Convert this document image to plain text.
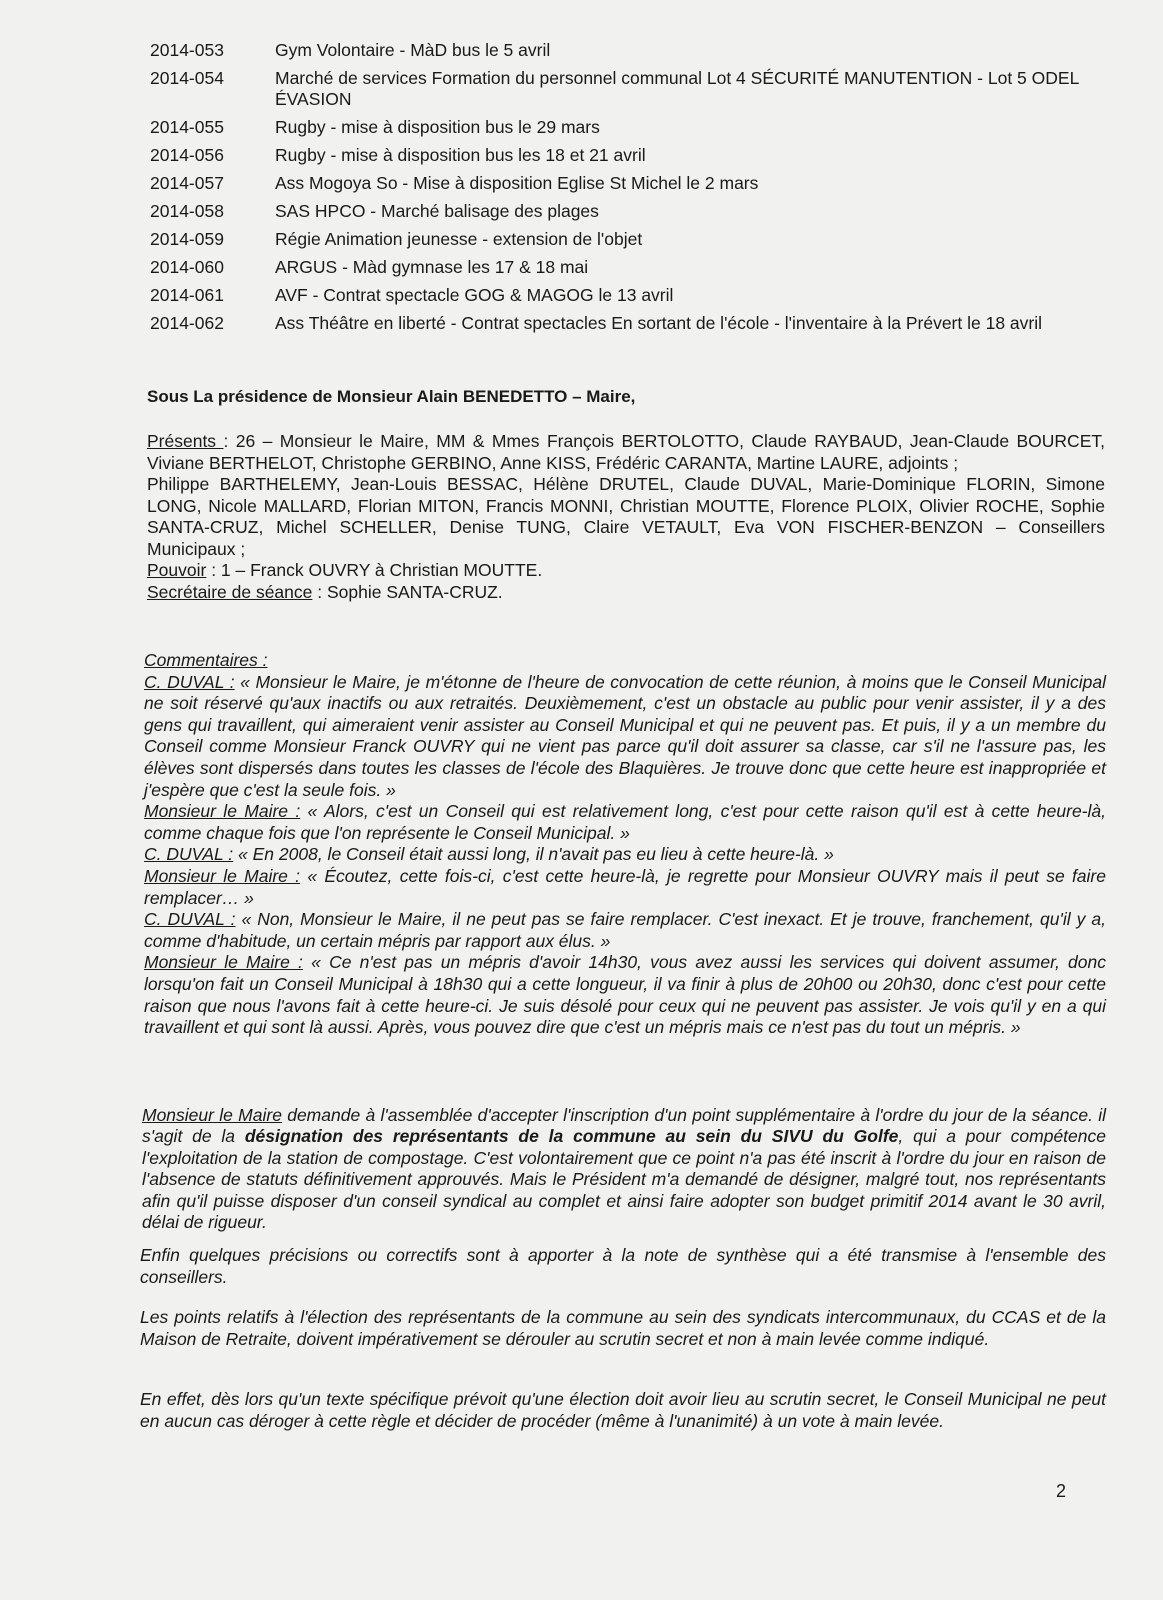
2014-053	Gym Volontaire - MàD bus le 5 avril
2014-054	Marché de services Formation du personnel communal Lot 4 SÉCURITÉ MANUTENTION - Lot 5 ODEL ÉVASION
2014-055	Rugby - mise à disposition bus le 29 mars
2014-056	Rugby - mise à disposition bus les 18 et 21 avril
2014-057	Ass Mogoya So - Mise à disposition Eglise St Michel le 2 mars
2014-058	SAS HPCO - Marché balisage des plages
2014-059	Régie Animation jeunesse - extension de l'objet
2014-060	ARGUS - Màd gymnase les 17 & 18 mai
2014-061	AVF - Contrat spectacle GOG & MAGOG le 13 avril
2014-062	Ass Théâtre en liberté - Contrat spectacles En sortant de l'école - l'inventaire à la Prévert le 18 avril
Sous La présidence de Monsieur Alain BENEDETTO – Maire,

Présents : 26 – Monsieur le Maire, MM & Mmes François BERTOLOTTO, Claude RAYBAUD, Jean-Claude BOURCET, Viviane BERTHELOT, Christophe GERBINO, Anne KISS, Frédéric CARANTA, Martine LAURE, adjoints ;

Philippe BARTHELEMY, Jean-Louis BESSAC, Hélène DRUTEL, Claude DUVAL, Marie-Dominique FLORIN, Simone LONG, Nicole MALLARD, Florian MITON, Francis MONNI, Christian MOUTTE, Florence PLOIX, Olivier ROCHE, Sophie SANTA-CRUZ, Michel SCHELLER, Denise TUNG, Claire VETAULT, Eva VON FISCHER-BENZON – Conseillers Municipaux ;

Pouvoir : 1 – Franck OUVRY à Christian MOUTTE.

Secrétaire de séance : Sophie SANTA-CRUZ.

Commentaires :

C. DUVAL : « Monsieur le Maire, je m'étonne de l'heure de convocation de cette réunion, à moins que le Conseil Municipal ne soit réservé qu'aux inactifs ou aux retraités. Deuxièmement, c'est un obstacle au public pour venir assister, il y a des gens qui travaillent, qui aimeraient venir assister au Conseil Municipal et qui ne peuvent pas. Et puis, il y a un membre du Conseil comme Monsieur Franck OUVRY qui ne vient pas parce qu'il doit assurer sa classe, car s'il ne l'assure pas, les élèves sont dispersés dans toutes les classes de l'école des Blaquières. Je trouve donc que cette heure est inappropriée et j'espère que c'est la seule fois. »

Monsieur le Maire : « Alors, c'est un Conseil qui est relativement long, c'est pour cette raison qu'il est à cette heure-là, comme chaque fois que l'on représente le Conseil Municipal. »

C. DUVAL : « En 2008, le Conseil était aussi long, il n'avait pas eu lieu à cette heure-là. »

Monsieur le Maire : « Écoutez, cette fois-ci, c'est cette heure-là, je regrette pour Monsieur OUVRY mais il peut se faire remplacer… »

C. DUVAL : « Non, Monsieur le Maire, il ne peut pas se faire remplacer. C'est inexact. Et je trouve, franchement, qu'il y a, comme d'habitude, un certain mépris par rapport aux élus. »

Monsieur le Maire : « Ce n'est pas un mépris d'avoir 14h30, vous avez aussi les services qui doivent assumer, donc lorsqu'on fait un Conseil Municipal à 18h30 qui a cette longueur, il va finir à plus de 20h00 ou 20h30, donc c'est pour cette raison que nous l'avons fait à cette heure-ci. Je suis désolé pour ceux qui ne peuvent pas assister. Je vois qu'il y en a qui travaillent et qui sont là aussi. Après, vous pouvez dire que c'est un mépris mais ce n'est pas du tout un mépris. »

Monsieur le Maire demande à l'assemblée d'accepter l'inscription d'un point supplémentaire à l'ordre du jour de la séance. il s'agit de la désignation des représentants de la commune au sein du SIVU du Golfe, qui a pour compétence l'exploitation de la station de compostage. C'est volontairement que ce point n'a pas été inscrit à l'ordre du jour en raison de l'absence de statuts définitivement approuvés. Mais le Président m'a demandé de désigner, malgré tout, nos représentants afin qu'il puisse disposer d'un conseil syndical au complet et ainsi faire adopter son budget primitif 2014 avant le 30 avril, délai de rigueur.

Enfin quelques précisions ou correctifs sont à apporter à la note de synthèse qui a été transmise à l'ensemble des conseillers.

Les points relatifs à l'élection des représentants de la commune au sein des syndicats intercommunaux, du CCAS et de la Maison de Retraite, doivent impérativement se dérouler au scrutin secret et non à main levée comme indiqué.

En effet, dès lors qu'un texte spécifique prévoit qu'une élection doit avoir lieu au scrutin secret, le Conseil Municipal ne peut en aucun cas déroger à cette règle et décider de procéder (même à l'unanimité) à un vote à main levée.

2
